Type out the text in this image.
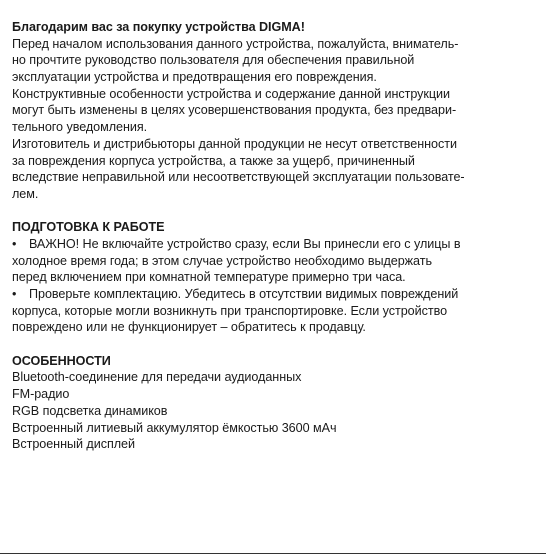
Благодарим вас за покупку устройства DIGMA!
Перед началом использования данного устройства, пожалуйста, вниматель-
но прочтите руководство пользователя для обеспечения правильной
эксплуатации устройства и предотвращения его повреждения.
Конструктивные особенности устройства и содержание данной инструкции
могут быть изменены в целях усовершенствования продукта, без предвари-
тельного уведомления.
Изготовитель и дистрибьюторы данной продукции не несут ответственности
за повреждения корпуса устройства, а также за ущерб, причиненный
вследствие неправильной или несоответствующей эксплуатации пользовате-
лем.
ПОДГОТОВКА К РАБОТЕ
• ВАЖНО! Не включайте устройство сразу, если Вы принесли его с улицы в
холодное время года; в этом случае устройство необходимо выдержать
перед включением при комнатной температуре примерно три часа.
• Проверьте комплектацию. Убедитесь в отсутствии видимых повреждений
корпуса, которые могли возникнуть при транспортировке. Если устройство
повреждено или не функционирует – обратитесь к продавцу.
ОСОБЕННОСТИ
Bluetooth-соединение для передачи аудиоданных
FM-радио
RGB подсветка динамиков
Встроенный литиевый аккумулятор ёмкостью 3600 мАч
Встроенный дисплей
